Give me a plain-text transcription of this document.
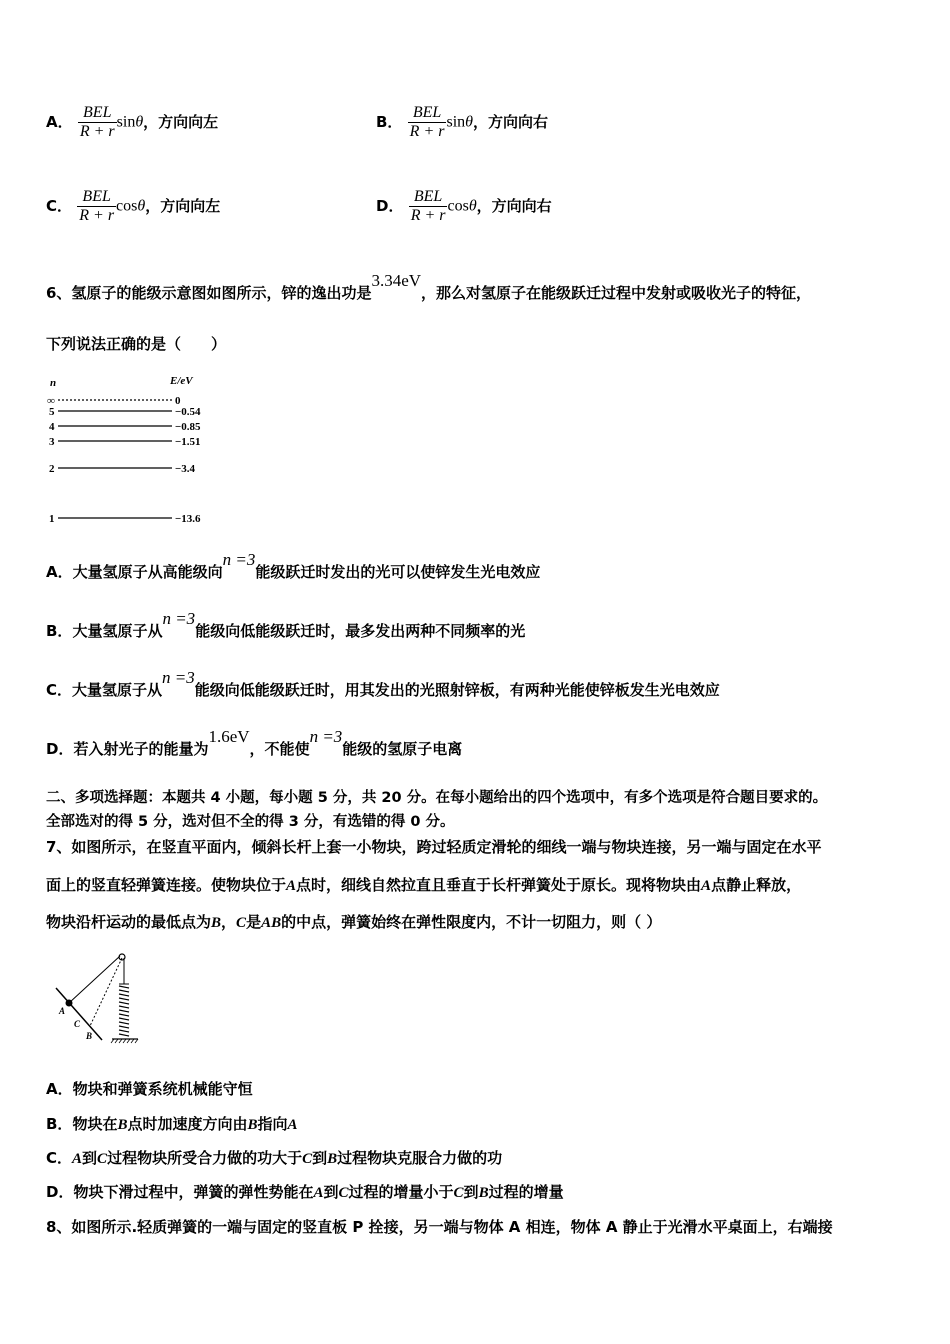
A． $\frac{\text{BEL}}{R + r}$ sinθ，方向向左	B． $\frac{\text{BEL}}{R + r}$ sinθ，方向向右
C． $\frac{\text{BEL}}{R + r}$ cosθ，方向向左	D． $\frac{\text{BEL}}{R + r}$ cosθ，方向向右
6、氢原子的能级示意图如图所示，锌的逸出功是3.34eV，那么对氢原子在能级跃迁过程中发射或吸收光子的特征，
下列说法正确的是（　　）
n	E/eV
∞	0
5	−0.54
4	−0.85
3	−1.51
2	−3.4
1	−13.6
A．大量氢原子从高能级向n =3能级跃迁时发出的光可以使锌发生光电效应
B．大量氢原子从n =3能级向低能级跃迁时，最多发出两种不同频率的光
C．大量氢原子从n =3能级向低能级跃迁时，用其发出的光照射锌板，有两种光能使锌板发生光电效应
D．若入射光子的能量为1.6eV，不能使n =3能级的氢原子电离
二、多项选择题：本题共 4 小题，每小题 5 分，共 20 分。在每小题给出的四个选项中，有多个选项是符合题目要求的。
全部选对的得 5 分，选对但不全的得 3 分，有选错的得 0 分。
7、如图所示，在竖直平面内，倾斜长杆上套一小物块，跨过轻质定滑轮的细线一端与物块连接，另一端与固定在水平
面上的竖直轻弹簧连接。使物块位于A点时，细线自然拉直且垂直于长杆弹簧处于原长。现将物块由A点静止释放，
物块沿杆运动的最低点为B，C是AB的中点，弹簧始终在弹性限度内，不计一切阻力，则（ ）
A
C
B
A．物块和弹簧系统机械能守恒
B．物块在B点时加速度方向由B指向A
C．A到C过程物块所受合力做的功大于C到B过程物块克服合力做的功
D．物块下滑过程中，弹簧的弹性势能在A到C过程的增量小于C到B过程的增量
8、如图所示.轻质弹簧的一端与固定的竖直板 P 拴接，另一端与物体 A 相连，物体 A 静止于光滑水平桌面上，右端接
